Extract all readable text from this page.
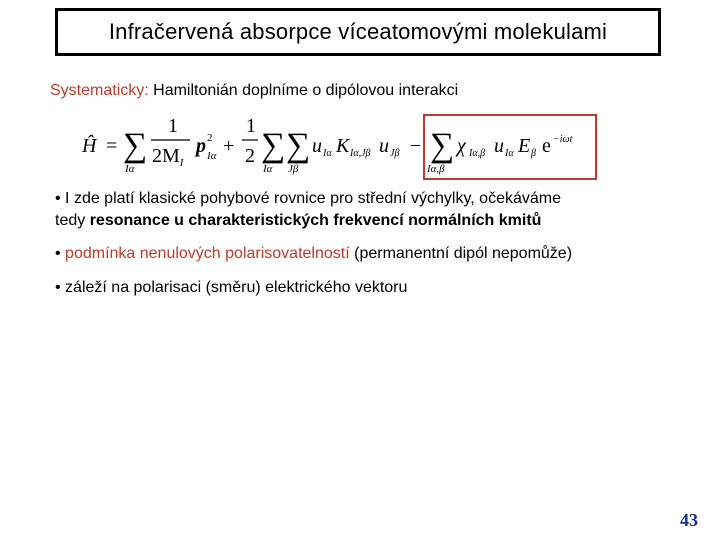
Infračervená absorpce víceatomovými molekulami
Systematicky: Hamiltonián doplníme o dipólovou interakci
Ĥ = ∑
Iα
1
$2M_I$
p 2
Iα +
1
2 ∑
Iα
∑
Jβ
u Iα K Iα,Jβ u Jβ − ∑
Iα,β
χ Iα,β u Iα E β e −iωt
• I zde platí klasické pohybové rovnice pro střední výchylky, očekáváme
tedy resonance u charakteristických frekvencí normálních kmitů
• podmínka nenulových polarisovatelností (permanentní dipól nepomůže)
• záleží na polarisaci (směru) elektrického vektoru
43
